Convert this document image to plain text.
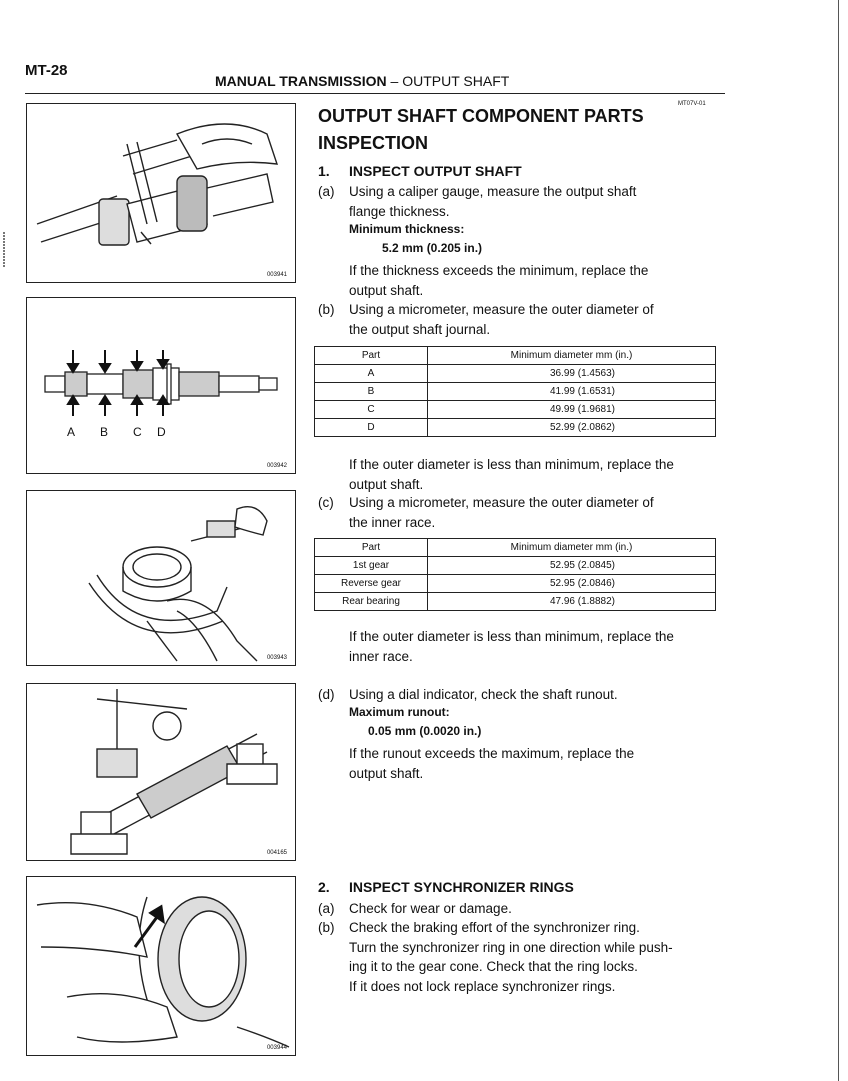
MT-28
MANUAL TRANSMISSION – OUTPUT SHAFT
MT07V-01
003941
A B C D
003942
003943
004165
003944
OUTPUT SHAFT COMPONENT PARTS
INSPECTION
1. INSPECT OUTPUT SHAFT
(a) Using a caliper gauge, measure the output shaft
flange thickness.
Minimum thickness:
5.2 mm (0.205 in.)
If the thickness exceeds the minimum, replace the
output shaft.
(b) Using a micrometer, measure the outer diameter of
the output shaft journal.
Part	Minimum diameter mm (in.)
A	36.99 (1.4563)
B	41.99 (1.6531)
C	49.99 (1.9681)
D	52.99 (2.0862)
If the outer diameter is less than minimum, replace the
output shaft.
(c) Using a micrometer, measure the outer diameter of
the inner race.
Part	Minimum diameter mm (in.)
1st gear	52.95 (2.0845)
Reverse gear	52.95 (2.0846)
Rear bearing	47.96 (1.8882)
If the outer diameter is less than minimum, replace the
inner race.
(d) Using a dial indicator, check the shaft runout.
Maximum runout:
0.05 mm (0.0020 in.)
If the runout exceeds the maximum, replace the
output shaft.
2. INSPECT SYNCHRONIZER RINGS
(a) Check for wear or damage.
(b) Check the braking effort of the synchronizer ring.
Turn the synchronizer ring in one direction while push-
ing it to the gear cone. Check that the ring locks.
If it does not lock replace synchronizer rings.
